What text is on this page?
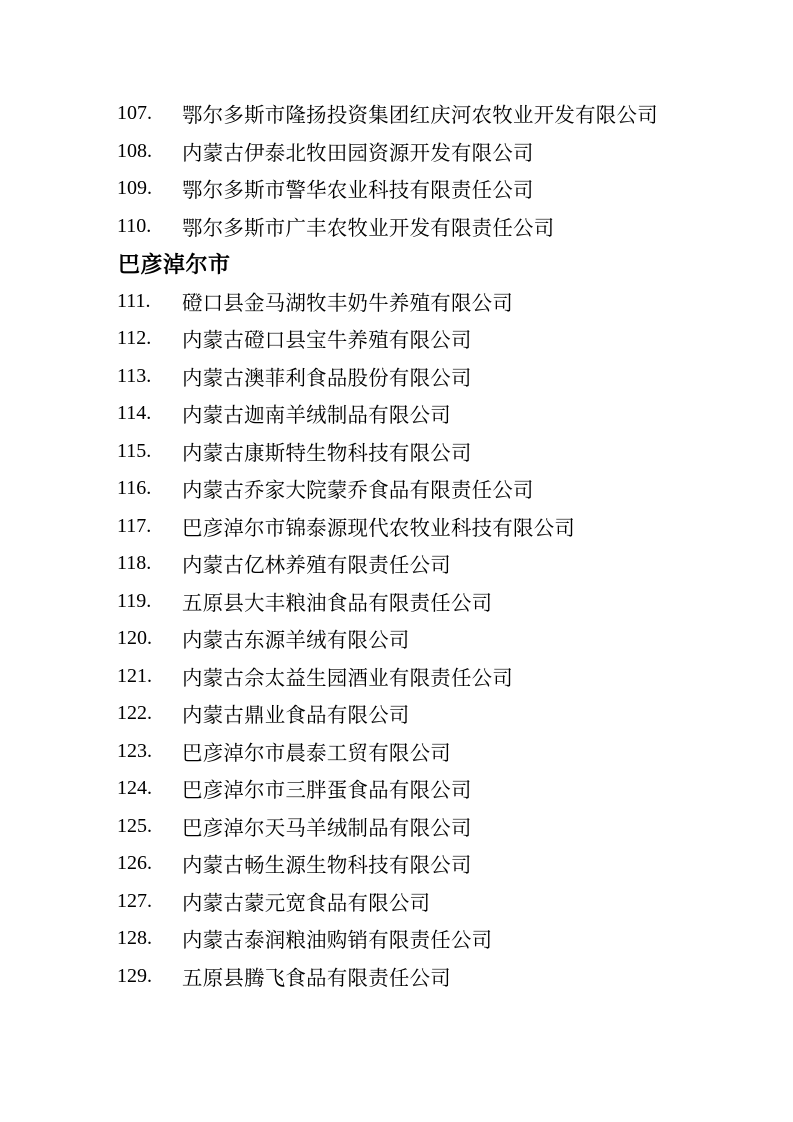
107.	鄂尔多斯市隆扬投资集团红庆河农牧业开发有限公司
108.	内蒙古伊泰北牧田园资源开发有限公司
109.	鄂尔多斯市警华农业科技有限责任公司
110.	鄂尔多斯市广丰农牧业开发有限责任公司
巴彦淖尔市
111.	磴口县金马湖牧丰奶牛养殖有限公司
112.	内蒙古磴口县宝牛养殖有限公司
113.	内蒙古澳菲利食品股份有限公司
114.	内蒙古迦南羊绒制品有限公司
115.	内蒙古康斯特生物科技有限公司
116.	内蒙古乔家大院蒙乔食品有限责任公司
117.	巴彦淖尔市锦泰源现代农牧业科技有限公司
118.	内蒙古亿林养殖有限责任公司
119.	五原县大丰粮油食品有限责任公司
120.	内蒙古东源羊绒有限公司
121.	内蒙古佘太益生园酒业有限责任公司
122.	内蒙古鼎业食品有限公司
123.	巴彦淖尔市晨泰工贸有限公司
124.	巴彦淖尔市三胖蛋食品有限公司
125.	巴彦淖尔天马羊绒制品有限公司
126.	内蒙古畅生源生物科技有限公司
127.	内蒙古蒙元宽食品有限公司
128.	内蒙古泰润粮油购销有限责任公司
129.	五原县腾飞食品有限责任公司
